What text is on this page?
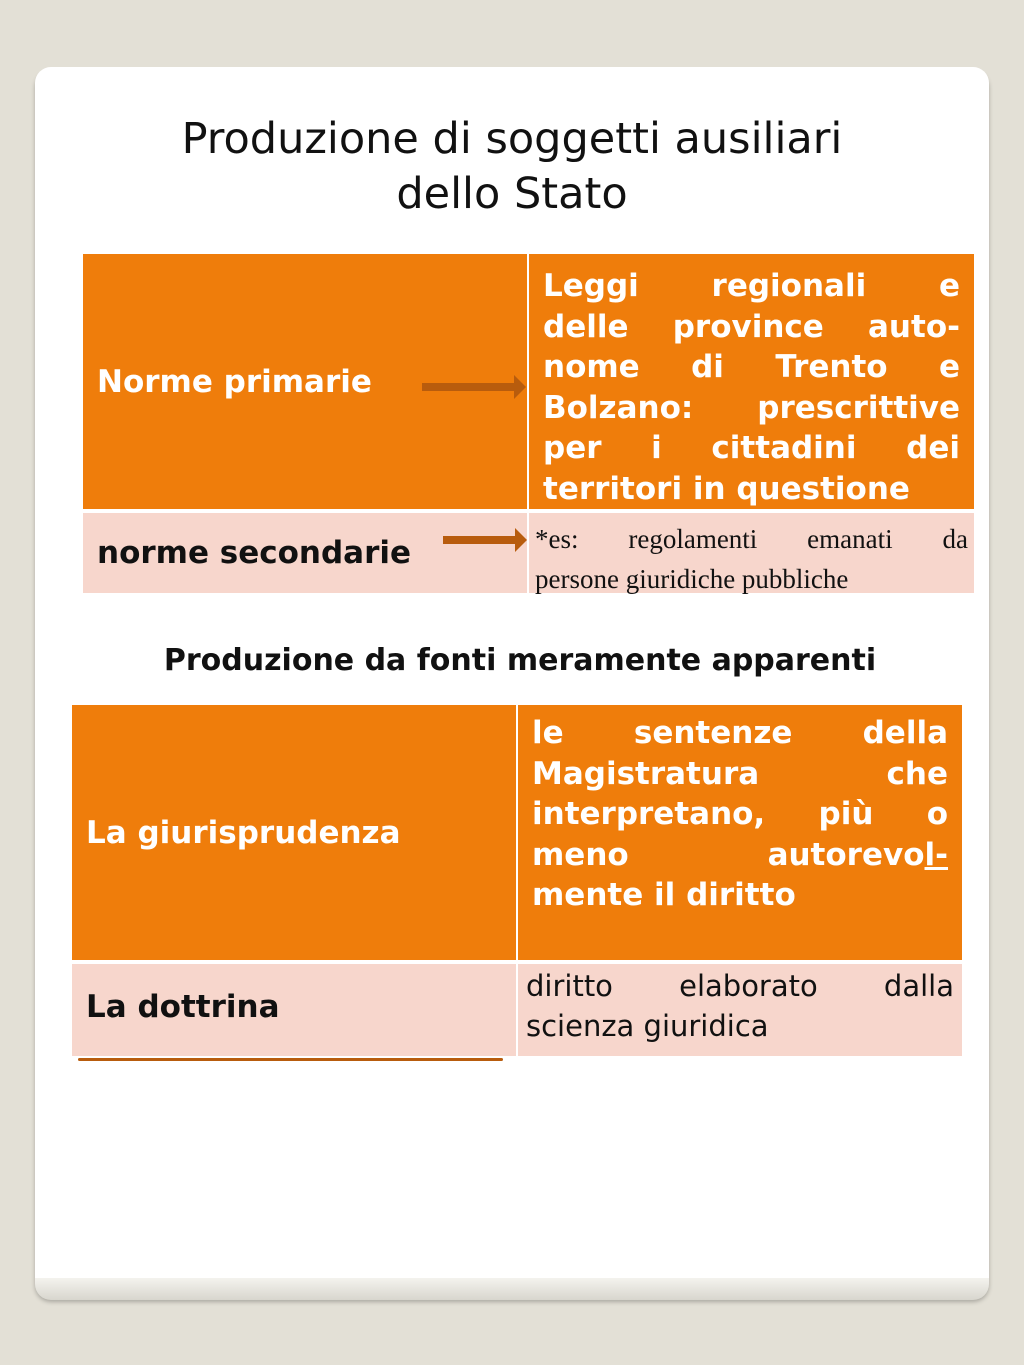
Produzione di soggetti ausiliari
dello Stato
Norme primarie
Leggi regionali e
delle province auto-
nome di Trento e
Bolzano: prescrittive
per i cittadini dei
territori in questione
norme secondarie	*es: regolamenti emanati da
persone giuridiche pubbliche
Produzione da fonti meramente apparenti
La giurisprudenza
le sentenze della
Magistratura che
interpretano, più o
meno autorevol-
mente il diritto
La dottrina
diritto elaborato dalla
scienza giuridica
